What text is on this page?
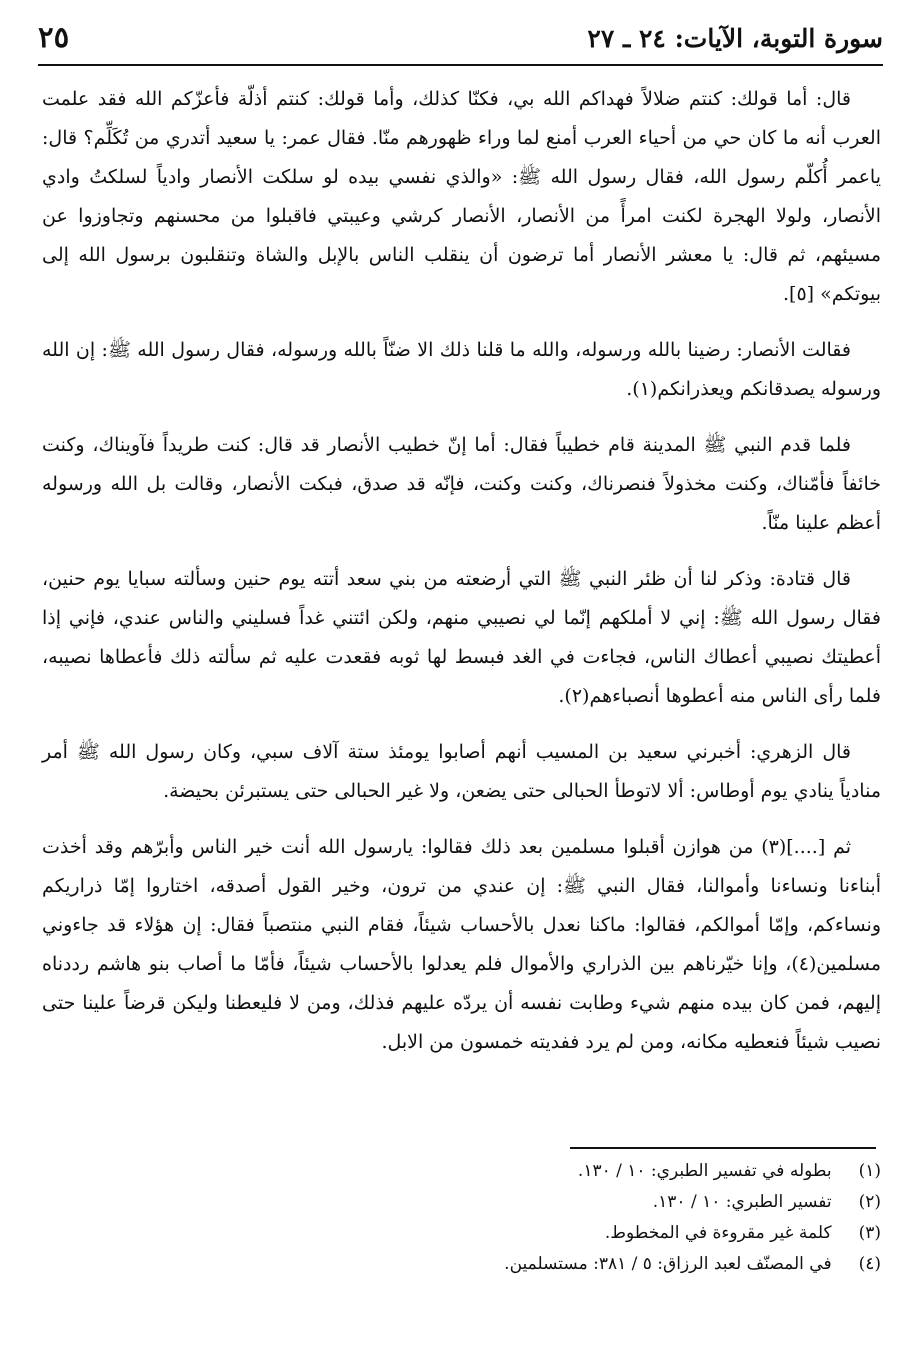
سورة التوبة، الآيات: ٢٤ ـ ٢٧
٢٥

قال: أما قولك: كنتم ضلالاً فهداكم الله بي، فكنّا كذلك، وأما قولك: كنتم أذلّة فأعزّكم الله فقد علمت العرب أنه ما كان حي من أحياء العرب أمنع لما وراء ظهورهم منّا. فقال عمر: يا سعيد أتدري من تُكَلِّم؟ قال: ياعمر أُكلّم رسول الله، فقال رسول الله ﷺ: «والذي نفسي بيده لو سلكت الأنصار وادياً لسلكتُ وادي الأنصار، ولولا الهجرة لكنت امرأً من الأنصار، الأنصار كرشي وعيبتي فاقبلوا من محسنهم وتجاوزوا عن مسيئهم، ثم قال: يا معشر الأنصار أما ترضون أن ينقلب الناس بالإبل والشاة وتنقلبون برسول الله إلى بيوتكم» [٥].

فقالت الأنصار: رضينا بالله ورسوله، والله ما قلنا ذلك الا ضنّاً بالله ورسوله، فقال رسول الله ﷺ: إن الله ورسوله يصدقانكم ويعذرانكم(١).

فلما قدم النبي ﷺ المدينة قام خطيباً فقال: أما إنّ خطيب الأنصار قد قال: كنت طريداً فآويناك، وكنت خائفاً فأمّناك، وكنت مخذولاً فنصرناك، وكنت وكنت، فإنّه قد صدق، فبكت الأنصار، وقالت بل الله ورسوله أعظم علينا منّاً.

قال قتادة: وذكر لنا أن ظئر النبي ﷺ التي أرضعته من بني سعد أتته يوم حنين وسألته سبايا يوم حنين، فقال رسول الله ﷺ: إني لا أملكهم إنّما لي نصيبي منهم، ولكن ائتني غداً فسليني والناس عندي، فإني إذا أعطيتك نصيبي أعطاك الناس، فجاءت في الغد فبسط لها ثوبه فقعدت عليه ثم سألته ذلك فأعطاها نصيبه، فلما رأى الناس منه أعطوها أنصباءهم(٢).

قال الزهري: أخبرني سعيد بن المسيب أنهم أصابوا يومئذ ستة آلاف سبي، وكان رسول الله ﷺ أمر منادياً ينادي يوم أوطاس: ألا لاتوطأ الحبالى حتى يضعن، ولا غير الحبالى حتى يستبرئن بحيضة.

ثم [....](٣) من هوازن أقبلوا مسلمين بعد ذلك فقالوا: يارسول الله أنت خير الناس وأبرّهم وقد أخذت أبناءنا ونساءنا وأموالنا، فقال النبي ﷺ: إن عندي من ترون، وخير القول أصدقه، اختاروا إمّا ذراريكم ونساءكم، وإمّا أموالكم، فقالوا: ماكنا نعدل بالأحساب شيئاً، فقام النبي منتصباً فقال: إن هؤلاء قد جاءوني مسلمين(٤)، وإنا خيّرناهم بين الذراري والأموال فلم يعدلوا بالأحساب شيئاً، فأمّا ما أصاب بنو هاشم رددناه إليهم، فمن كان بيده منهم شيء وطابت نفسه أن يردّه عليهم فذلك، ومن لا فليعطنا وليكن قرضاً علينا حتى نصيب شيئاً فنعطيه مكانه، ومن لم يرد ففديته خمسون من الابل.

(١) بطوله في تفسير الطبري: ١٠ / ١٣٠.
(٢) تفسير الطبري: ١٠ / ١٣٠.
(٣) كلمة غير مقروءة في المخطوط.
(٤) في المصنّف لعبد الرزاق: ٥ / ٣٨١: مستسلمين.
